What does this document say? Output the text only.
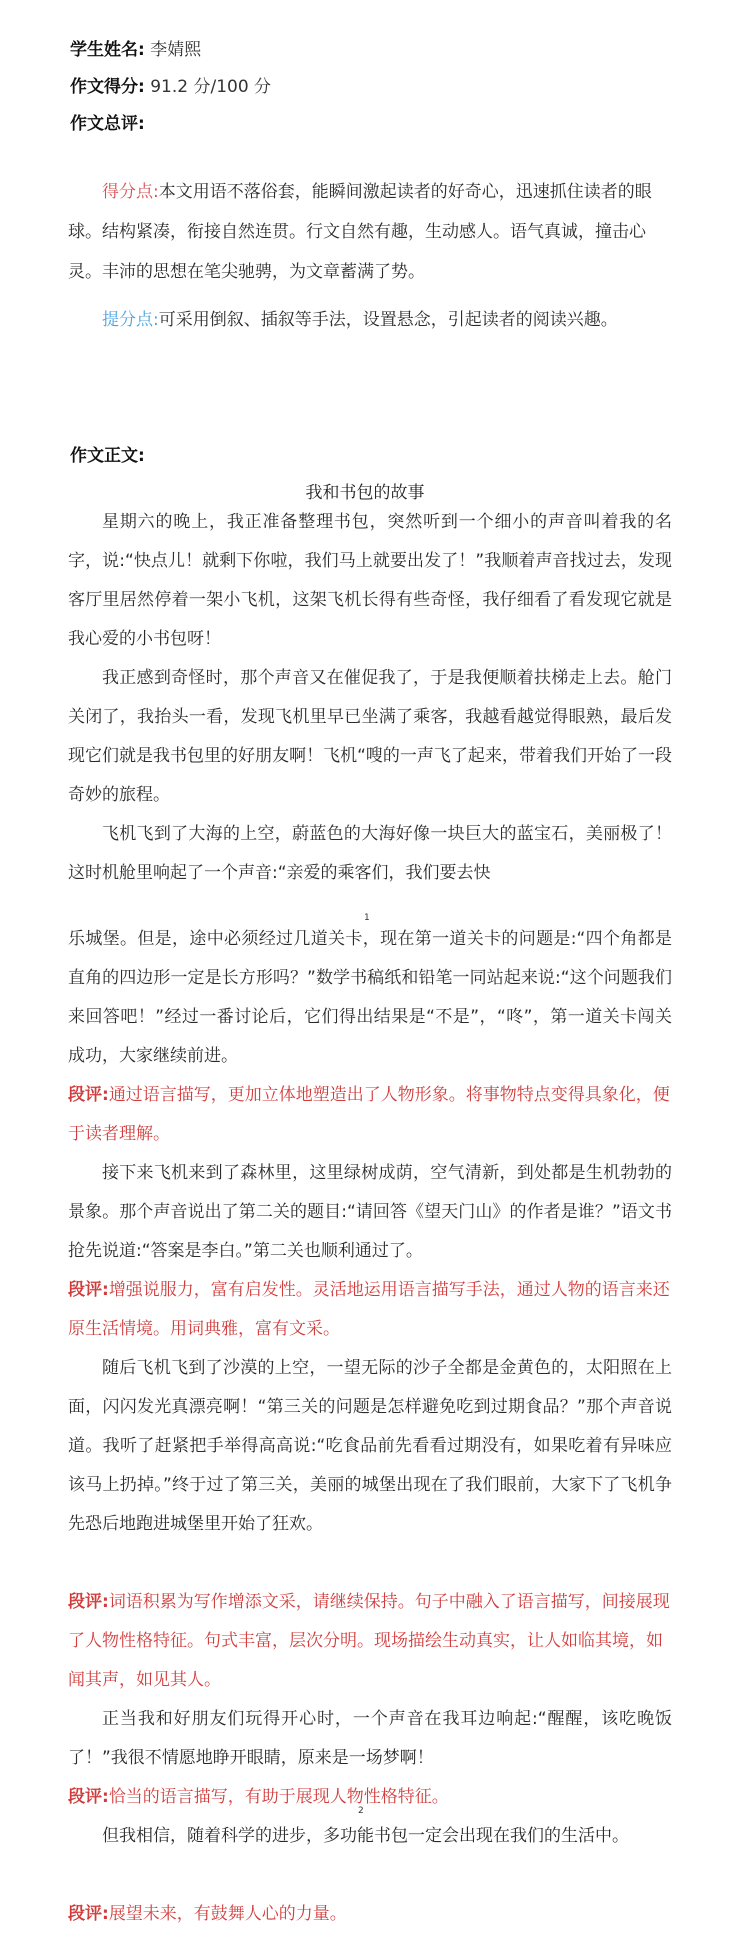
学生姓名: 李婧熙
作文得分: 91.2 分/100 分
作文总评:
得分点:本文用语不落俗套，能瞬间激起读者的好奇心，迅速抓住读者的眼球。结构紧凑，衔接自然连贯。行文自然有趣，生动感人。语气真诚，撞击心灵。丰沛的思想在笔尖驰骋，为文章蓄满了势。
提分点:可采用倒叙、插叙等手法，设置悬念，引起读者的阅读兴趣。
作文正文:
我和书包的故事
星期六的晚上，我正准备整理书包，突然听到一个细小的声音叫着我的名字，说:“快点儿！就剩下你啦，我们马上就要出发了！”我顺着声音找过去，发现客厅里居然停着一架小飞机，这架飞机长得有些奇怪，我仔细看了看发现它就是我心爱的小书包呀！
我正感到奇怪时，那个声音又在催促我了，于是我便顺着扶梯走上去。舱门关闭了，我抬头一看，发现飞机里早已坐满了乘客，我越看越觉得眼熟，最后发现它们就是我书包里的好朋友啊！飞机“嗖的一声飞了起来，带着我们开始了一段奇妙的旅程。
飞机飞到了大海的上空，蔚蓝色的大海好像一块巨大的蓝宝石，美丽极了！这时机舱里响起了一个声音:“亲爱的乘客们，我们要去快
1
乐城堡。但是，途中必须经过几道关卡，现在第一道关卡的问题是:“四个角都是直角的四边形一定是长方形吗？”数学书稿纸和铅笔一同站起来说:“这个问题我们来回答吧！”经过一番讨论后，它们得出结果是“不是”，“咚”，第一道关卡闯关成功，大家继续前进。
段评:通过语言描写，更加立体地塑造出了人物形象。将事物特点变得具象化，便于读者理解。
接下来飞机来到了森林里，这里绿树成荫，空气清新，到处都是生机勃勃的景象。那个声音说出了第二关的题目:“请回答《望天门山》的作者是谁？”语文书抢先说道:“答案是李白。”第二关也顺利通过了。
段评:增强说服力，富有启发性。灵活地运用语言描写手法，通过人物的语言来还原生活情境。用词典雅，富有文采。
随后飞机飞到了沙漠的上空，一望无际的沙子全都是金黄色的，太阳照在上面，闪闪发光真漂亮啊！“第三关的问题是怎样避免吃到过期食品？”那个声音说道。我听了赶紧把手举得高高说:“吃食品前先看看过期没有，如果吃着有异味应该马上扔掉。”终于过了第三关，美丽的城堡出现在了我们眼前，大家下了飞机争先恐后地跑进城堡里开始了狂欢。
段评:词语积累为写作增添文采，请继续保持。句子中融入了语言描写，间接展现了人物性格特征。句式丰富，层次分明。现场描绘生动真实，让人如临其境，如闻其声，如见其人。
正当我和好朋友们玩得开心时，一个声音在我耳边响起:“醒醒，该吃晚饭了！”我很不情愿地睁开眼睛，原来是一场梦啊！
段评:恰当的语言描写，有助于展现人物性格特征。
2
但我相信，随着科学的进步，多功能书包一定会出现在我们的生活中。
段评:展望未来，有鼓舞人心的力量。
